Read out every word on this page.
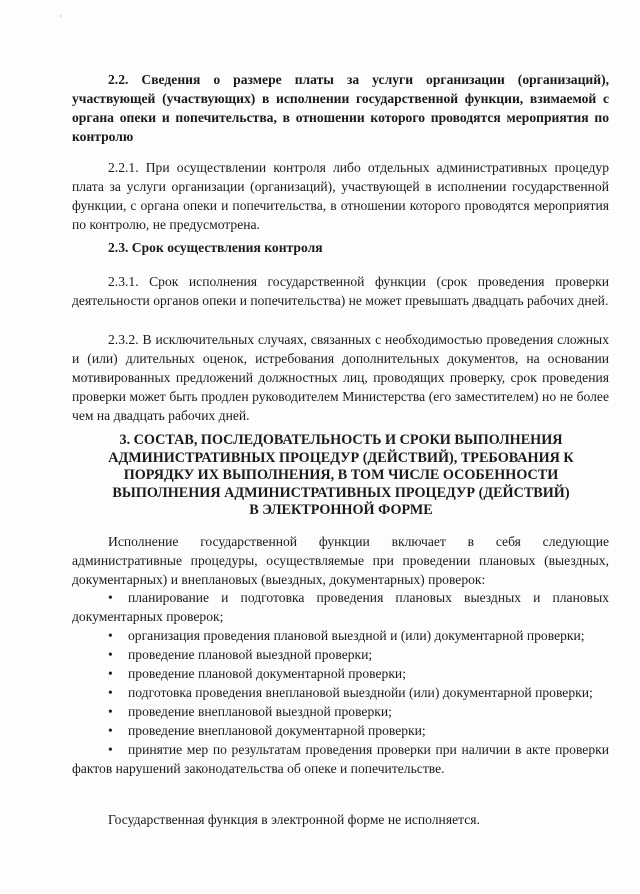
'

2.2. Сведения о размере платы за услуги организации (организаций), участвующей (участвующих) в исполнении государственной функции, взимаемой с органа опеки и попечительства, в отношении которого проводятся мероприятия по контролю

2.2.1. При осуществлении контроля либо отдельных административных процедур плата за услуги организации (организаций), участвующей в исполнении государственной функции, с органа опеки и попечительства, в отношении которого проводятся мероприятия по контролю, не предусмотрена.

2.3. Срок осуществления контроля

2.3.1. Срок исполнения государственной функции (срок проведения проверки деятельности органов опеки и попечительства) не может превышать двадцать рабочих дней.

2.3.2. В исключительных случаях, связанных с необходимостью проведения сложных и (или) длительных оценок, истребования дополнительных документов, на основании мотивированных предложений должностных лиц, проводящих проверку, срок проведения проверки может быть продлен руководителем Министерства (его заместителем) но не более чем на двадцать рабочих дней.

3. СОСТАВ, ПОСЛЕДОВАТЕЛЬНОСТЬ И СРОКИ ВЫПОЛНЕНИЯ
АДМИНИСТРАТИВНЫХ ПРОЦЕДУР (ДЕЙСТВИЙ), ТРЕБОВАНИЯ К
ПОРЯДКУ ИХ ВЫПОЛНЕНИЯ, В ТОМ ЧИСЛЕ ОСОБЕННОСТИ
ВЫПОЛНЕНИЯ АДМИНИСТРАТИВНЫХ ПРОЦЕДУР (ДЕЙСТВИЙ)
В ЭЛЕКТРОННОЙ ФОРМЕ

Исполнение государственной функции включает в себя следующие административные процедуры, осуществляемые при проведении плановых (выездных, документарных) и внеплановых (выездных, документарных) проверок:

• планирование и подготовка проведения плановых выездных и плановых документарных проверок;

• организация проведения плановой выездной и (или) документарной проверки;

• проведение плановой выездной проверки;

• проведение плановой документарной проверки;

• подготовка проведения внеплановой выезднойи (или) документарной проверки;

• проведение внеплановой выездной проверки;

• проведение внеплановой документарной проверки;

• принятие мер по результатам проведения проверки при наличии в акте проверки фактов нарушений законодательства об опеке и попечительстве.

Государственная функция в электронной форме не исполняется.
